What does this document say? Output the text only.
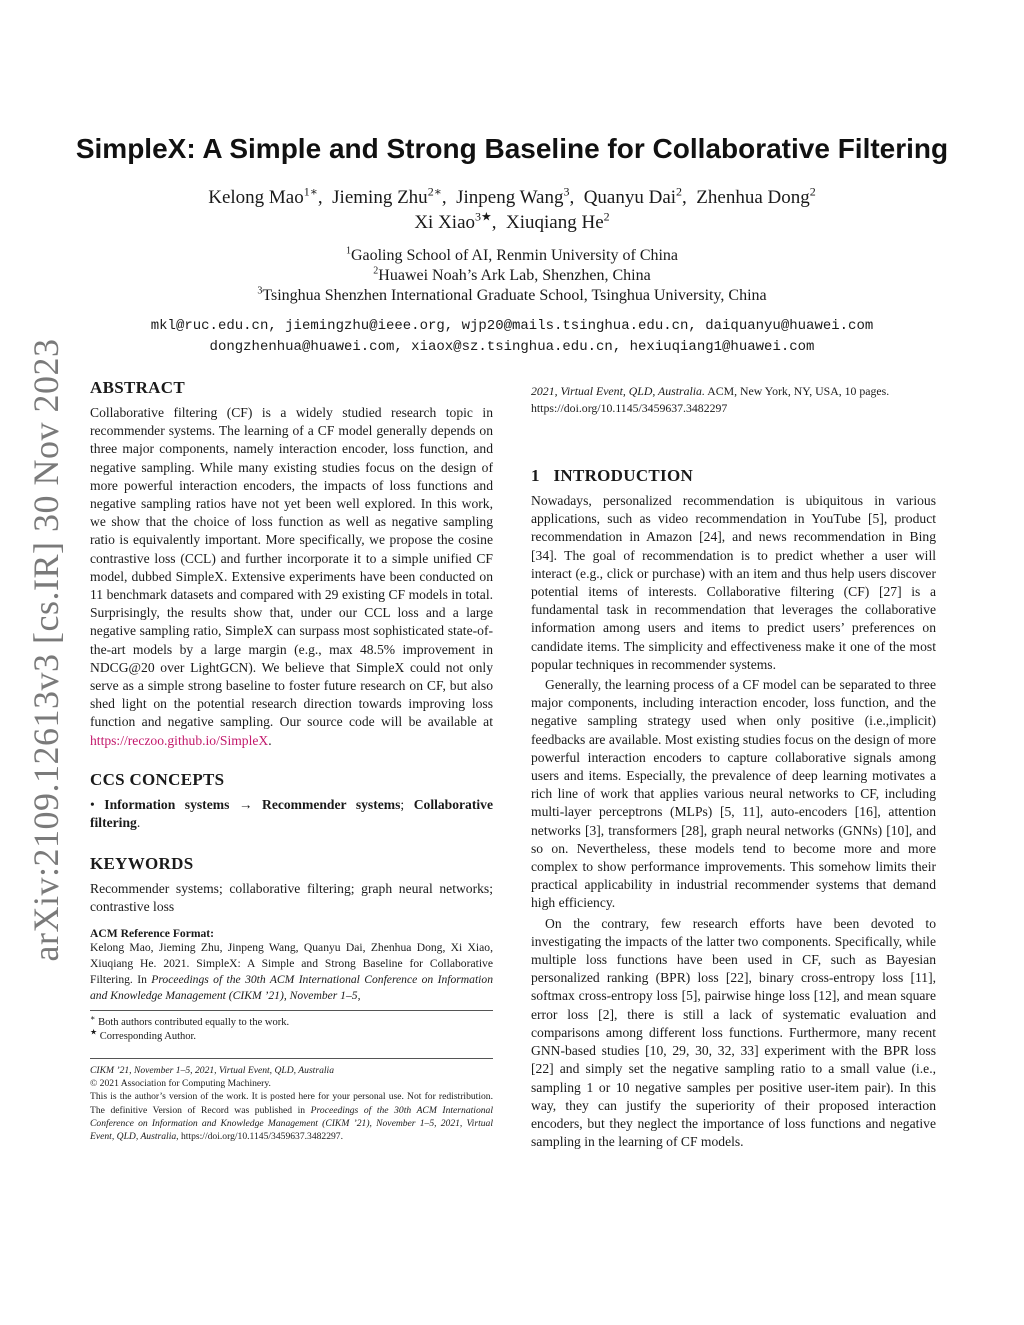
arXiv:2109.12613v3 [cs.IR] 30 Nov 2023
SimpleX: A Simple and Strong Baseline for Collaborative Filtering
Kelong Mao$^{1∗}$,  Jieming Zhu$^{2∗}$,  Jinpeng Wang$^3$,  Quanyu Dai$^2$,  Zhenhua Dong$^2$
Xi Xiao$^{3★}$,  Xiuqiang He$^2$
$^1$Gaoling School of AI, Renmin University of China
$^2$Huawei Noah’s Ark Lab, Shenzhen, China
$^3$Tsinghua Shenzhen International Graduate School, Tsinghua University, China
mkl@ruc.edu.cn, jiemingzhu@ieee.org, wjp20@mails.tsinghua.edu.cn, daiquanyu@huawei.com
dongzhenhua@huawei.com, xiaox@sz.tsinghua.edu.cn, hexiuqiang1@huawei.com
ABSTRACT

Collaborative filtering (CF) is a widely studied research topic in recommender systems. The learning of a CF model generally depends on three major components, namely interaction encoder, loss function, and negative sampling. While many existing studies focus on the design of more powerful interaction encoders, the impacts of loss functions and negative sampling ratios have not yet been well explored. In this work, we show that the choice of loss function as well as negative sampling ratio is equivalently important. More specifically, we propose the cosine contrastive loss (CCL) and further incorporate it to a simple unified CF model, dubbed SimpleX. Extensive experiments have been conducted on 11 benchmark datasets and compared with 29 existing CF models in total. Surprisingly, the results show that, under our CCL loss and a large negative sampling ratio, SimpleX can surpass most sophisticated state-of-the-art models by a large margin (e.g., max 48.5% improvement in NDCG@20 over LightGCN). We believe that SimpleX could not only serve as a simple strong baseline to foster future research on CF, but also shed light on the potential research direction towards improving loss function and negative sampling. Our source code will be available at https://reczoo.github.io/SimpleX.

CCS CONCEPTS

• Information systems → Recommender systems; Collaborative filtering.

KEYWORDS

Recommender systems; collaborative filtering; graph neural networks; contrastive loss

ACM Reference Format:

Kelong Mao, Jieming Zhu, Jinpeng Wang, Quanyu Dai, Zhenhua Dong, Xi Xiao, Xiuqiang He. 2021. SimpleX: A Simple and Strong Baseline for Collaborative Filtering. In Proceedings of the 30th ACM International Conference on Information and Knowledge Management (CIKM ’21), November 1–5,

∗ Both authors contributed equally to the work.

★ Corresponding Author.

CIKM ’21, November 1–5, 2021, Virtual Event, QLD, Australia

© 2021 Association for Computing Machinery.

This is the author’s version of the work. It is posted here for your personal use. Not for redistribution. The definitive Version of Record was published in Proceedings of the 30th ACM International Conference on Information and Knowledge Management (CIKM ’21), November 1–5, 2021, Virtual Event, QLD, Australia, https://doi.org/10.1145/3459637.3482297.

2021, Virtual Event, QLD, Australia. ACM, New York, NY, USA, 10 pages. https://doi.org/10.1145/3459637.3482297

1   INTRODUCTION

Nowadays, personalized recommendation is ubiquitous in various applications, such as video recommendation in YouTube [5], product recommendation in Amazon [24], and news recommendation in Bing [34]. The goal of recommendation is to predict whether a user will interact (e.g., click or purchase) with an item and thus help users discover potential items of interests. Collaborative filtering (CF) [27] is a fundamental task in recommendation that leverages the collaborative information among users and items to predict users’ preferences on candidate items. The simplicity and effectiveness make it one of the most popular techniques in recommender systems.

Generally, the learning process of a CF model can be separated to three major components, including interaction encoder, loss function, and the negative sampling strategy used when only positive (i.e.,implicit) feedbacks are available. Most existing studies focus on the design of more powerful interaction encoders to capture collaborative signals among users and items. Especially, the prevalence of deep learning motivates a rich line of work that applies various neural networks to CF, including multi-layer perceptrons (MLPs) [5, 11], auto-encoders [16], attention networks [3], transformers [28], graph neural networks (GNNs) [10], and so on. Nevertheless, these models tend to become more and more complex to show performance improvements. This somehow limits their practical applicability in industrial recommender systems that demand high efficiency.

On the contrary, few research efforts have been devoted to investigating the impacts of the latter two components. Specifically, while multiple loss functions have been used in CF, such as Bayesian personalized ranking (BPR) loss [22], binary cross-entropy loss [11], softmax cross-entropy loss [5], pairwise hinge loss [12], and mean square error loss [2], there is still a lack of systematic evaluation and comparisons among different loss functions. Furthermore, many recent GNN-based studies [10, 29, 30, 32, 33] experiment with the BPR loss [22] and simply set the negative sampling ratio to a small value (i.e., sampling 1 or 10 negative samples per positive user-item pair). In this way, they can justify the superiority of their proposed interaction encoders, but they neglect the importance of loss functions and negative sampling in the learning of CF models.
